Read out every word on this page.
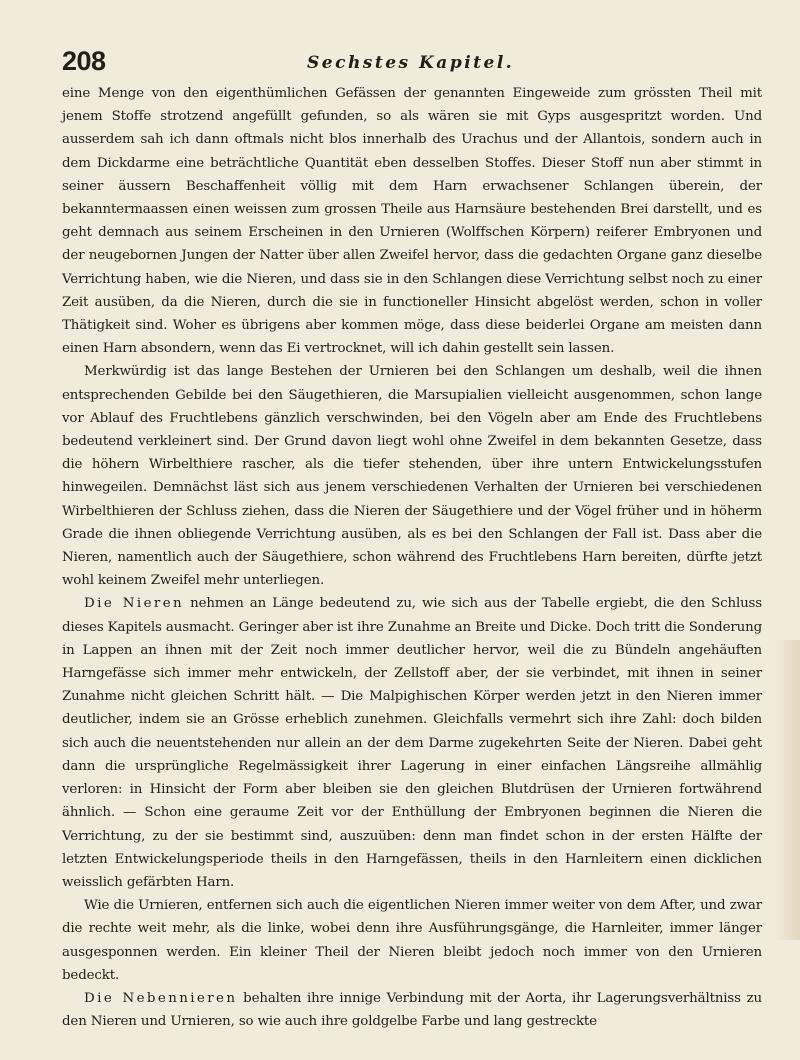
208	Sechstes Kapitel.

eine Menge von den eigenthümlichen Gefässen der genannten Eingeweide zum grössten Theil mit jenem Stoffe strotzend angefüllt gefunden, so als wären sie mit Gyps ausgespritzt worden. Und ausserdem sah ich dann oftmals nicht blos innerhalb des Urachus und der Allantois, sondern auch in dem Dickdarme eine beträchtliche Quantität eben desselben Stoffes. Dieser Stoff nun aber stimmt in seiner äussern Beschaffenheit völlig mit dem Harn erwachsener Schlangen überein, der bekanntermaassen einen weissen zum grossen Theile aus Harnsäure bestehenden Brei darstellt, und es geht demnach aus seinem Erscheinen in den Urnieren (Wolffschen Körpern) reiferer Embryonen und der neugebornen Jungen der Natter über allen Zweifel hervor, dass die gedachten Organe ganz dieselbe Verrichtung haben, wie die Nieren, und dass sie in den Schlangen diese Verrichtung selbst noch zu einer Zeit ausüben, da die Nieren, durch die sie in functioneller Hinsicht abgelöst werden, schon in voller Thätigkeit sind. Woher es übrigens aber kommen möge, dass diese beiderlei Organe am meisten dann einen Harn absondern, wenn das Ei vertrocknet, will ich dahin gestellt sein lassen.

Merkwürdig ist das lange Bestehen der Urnieren bei den Schlangen um deshalb, weil die ihnen entsprechenden Gebilde bei den Säugethieren, die Marsupialien vielleicht ausgenommen, schon lange vor Ablauf des Fruchtlebens gänzlich verschwinden, bei den Vögeln aber am Ende des Fruchtlebens bedeutend verkleinert sind. Der Grund davon liegt wohl ohne Zweifel in dem bekannten Gesetze, dass die höhern Wirbelthiere rascher, als die tiefer stehenden, über ihre untern Entwickelungsstufen hinwegeilen. Demnächst läst sich aus jenem verschiedenen Verhalten der Urnieren bei verschiedenen Wirbelthieren der Schluss ziehen, dass die Nieren der Säugethiere und der Vögel früher und in höherm Grade die ihnen obliegende Verrichtung ausüben, als es bei den Schlangen der Fall ist. Dass aber die Nieren, namentlich auch der Säugethiere, schon während des Fruchtlebens Harn bereiten, dürfte jetzt wohl keinem Zweifel mehr unterliegen.

Die Nieren nehmen an Länge bedeutend zu, wie sich aus der Tabelle ergiebt, die den Schluss dieses Kapitels ausmacht. Geringer aber ist ihre Zunahme an Breite und Dicke. Doch tritt die Sonderung in Lappen an ihnen mit der Zeit noch immer deutlicher hervor, weil die zu Bündeln angehäuften Harngefässe sich immer mehr entwickeln, der Zellstoff aber, der sie verbindet, mit ihnen in seiner Zunahme nicht gleichen Schritt hält. — Die Malpighischen Körper werden jetzt in den Nieren immer deutlicher, indem sie an Grösse erheblich zunehmen. Gleichfalls vermehrt sich ihre Zahl: doch bilden sich auch die neuentstehenden nur allein an der dem Darme zugekehrten Seite der Nieren. Dabei geht dann die ursprüngliche Regelmässigkeit ihrer Lagerung in einer einfachen Längsreihe allmählig verloren: in Hinsicht der Form aber bleiben sie den gleichen Blutdrüsen der Urnieren fortwährend ähnlich. — Schon eine geraume Zeit vor der Enthüllung der Embryonen beginnen die Nieren die Verrichtung, zu der sie bestimmt sind, auszuüben: denn man findet schon in der ersten Hälfte der letzten Entwickelungsperiode theils in den Harngefässen, theils in den Harnleitern einen dicklichen weisslich gefärbten Harn.

Wie die Urnieren, entfernen sich auch die eigentlichen Nieren immer weiter von dem After, und zwar die rechte weit mehr, als die linke, wobei denn ihre Ausführungsgänge, die Harnleiter, immer länger ausgesponnen werden. Ein kleiner Theil der Nieren bleibt jedoch noch immer von den Urnieren bedeckt.

Die Nebennieren behalten ihre innige Verbindung mit der Aorta, ihr Lagerungsverhältniss zu den Nieren und Urnieren, so wie auch ihre goldgelbe Farbe und lang gestreckte
